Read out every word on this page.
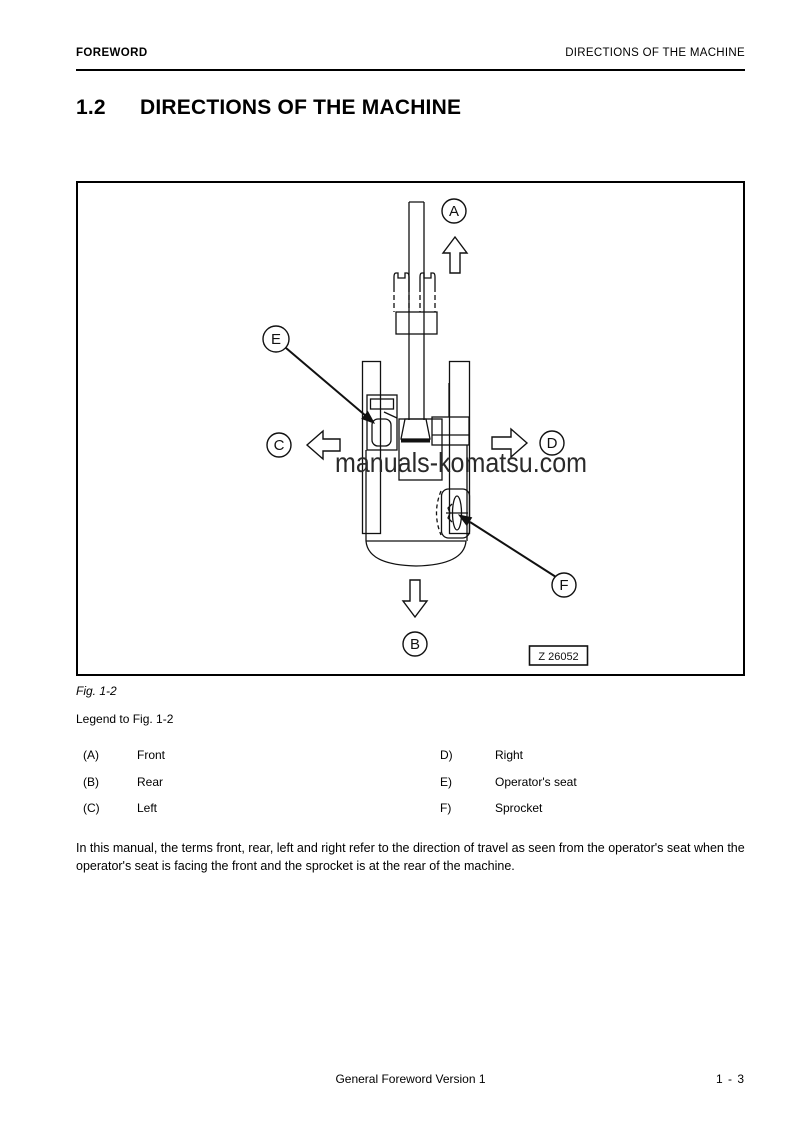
FOREWORD	DIRECTIONS OF THE MACHINE
1.2	DIRECTIONS OF THE MACHINE
A
B
C	D
E
F
Z 26052
manuals-komatsu.com
Fig. 1-2
Legend to Fig. 1-2
(A)	Front	D)	Right
(B)	Rear	E)	Operator's seat
(C)	Left	F)	Sprocket
In this manual, the terms front, rear, left and right refer to the direction of travel as seen from the operator's seat when the operator's seat is facing the front and the sprocket is at the rear of the machine.
General Foreword Version 1	1 - 3
